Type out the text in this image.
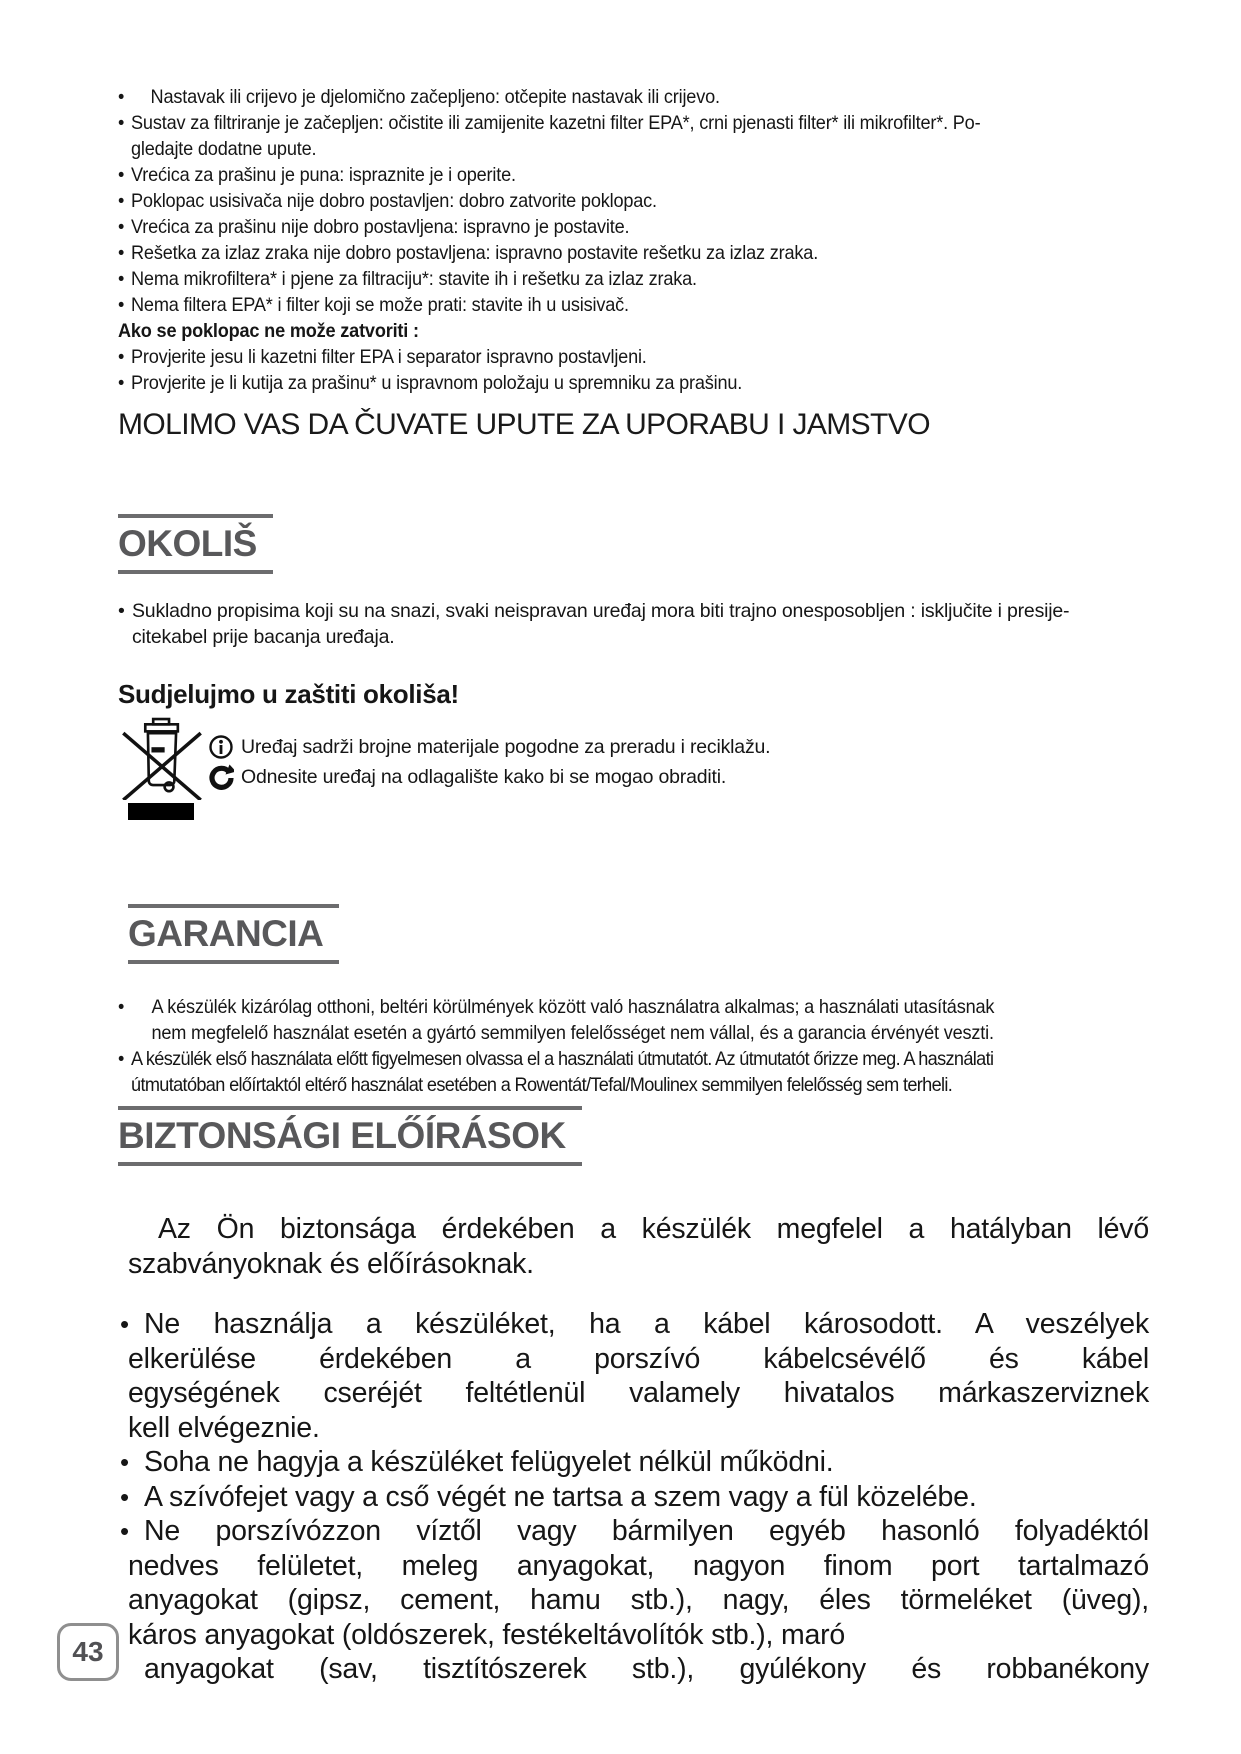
• Nastavak ili crijevo je djelomično začepljeno: otčepite nastavak ili crijevo.
• Sustav za filtriranje je začepljen: očistite ili zamijenite kazetni filter EPA*, crni pjenasti filter* ili mikrofilter*. Po-
gledajte dodatne upute.
• Vrećica za prašinu je puna: ispraznite je i operite.
• Poklopac usisivača nije dobro postavljen: dobro zatvorite poklopac.
• Vrećica za prašinu nije dobro postavljena: ispravno je postavite.
• Rešetka za izlaz zraka nije dobro postavljena: ispravno postavite rešetku za izlaz zraka.
• Nema mikrofiltera* i pjene za filtraciju*: stavite ih i rešetku za izlaz zraka.
• Nema filtera EPA* i filter koji se može prati: stavite ih u usisivač.
Ako se poklopac ne može zatvoriti :
• Provjerite jesu li kazetni filter EPA i separator ispravno postavljeni.
• Provjerite je li kutija za prašinu* u ispravnom položaju u spremniku za prašinu.
MOLIMO VAS DA ČUVATE UPUTE ZA UPORABU I JAMSTVO
OKOLIŠ
• Sukladno propisima koji su na snazi, svaki neispravan uređaj mora biti trajno onesposobljen : isključite i presije-
citekabel prije bacanja uređaja.
Sudjelujmo u zaštiti okoliša!
Uređaj sadrži brojne materijale pogodne za preradu i reciklažu.
Odnesite uređaj na odlagalište kako bi se mogao obraditi.
GARANCIA
• A készülék kizárólag otthoni, beltéri körülmények között való használatra alkalmas; a használati utasításnak
nem megfelelő használat esetén a gyártó semmilyen felelősséget nem vállal, és a garancia érvényét veszti.
• A készülék első használata előtt figyelmesen olvassa el a használati útmutatót. Az útmutatót őrizze meg. A használati
útmutatóban előírtaktól eltérő használat esetében a Rowentát/Tefal/Moulinex semmilyen felelősség sem terheli.
BIZTONSÁGI ELŐÍRÁSOK
Az Ön biztonsága érdekében a készülék megfelel a hatályban lévő
szabványoknak és előírásoknak.
• Ne használja a készüléket, ha a kábel károsodott. A veszélyek
elkerülése érdekében a porszívó kábelcsévélő és kábel
egységének cseréjét feltétlenül valamely hivatalos márkaszerviznek
kell elvégeznie.
• Soha ne hagyja a készüléket felügyelet nélkül működni.
• A szívófejet vagy a cső végét ne tartsa a szem vagy a fül közelébe.
• Ne porszívózzon víztől vagy bármilyen egyéb hasonló folyadéktól
nedves felületet, meleg anyagokat, nagyon finom port tartalmazó
anyagokat (gipsz, cement, hamu stb.), nagy, éles törmeléket (üveg),
káros anyagokat (oldószerek, festékeltávolítók stb.), maró
anyagokat (sav, tisztítószerek stb.), gyúlékony és robbanékony
43
